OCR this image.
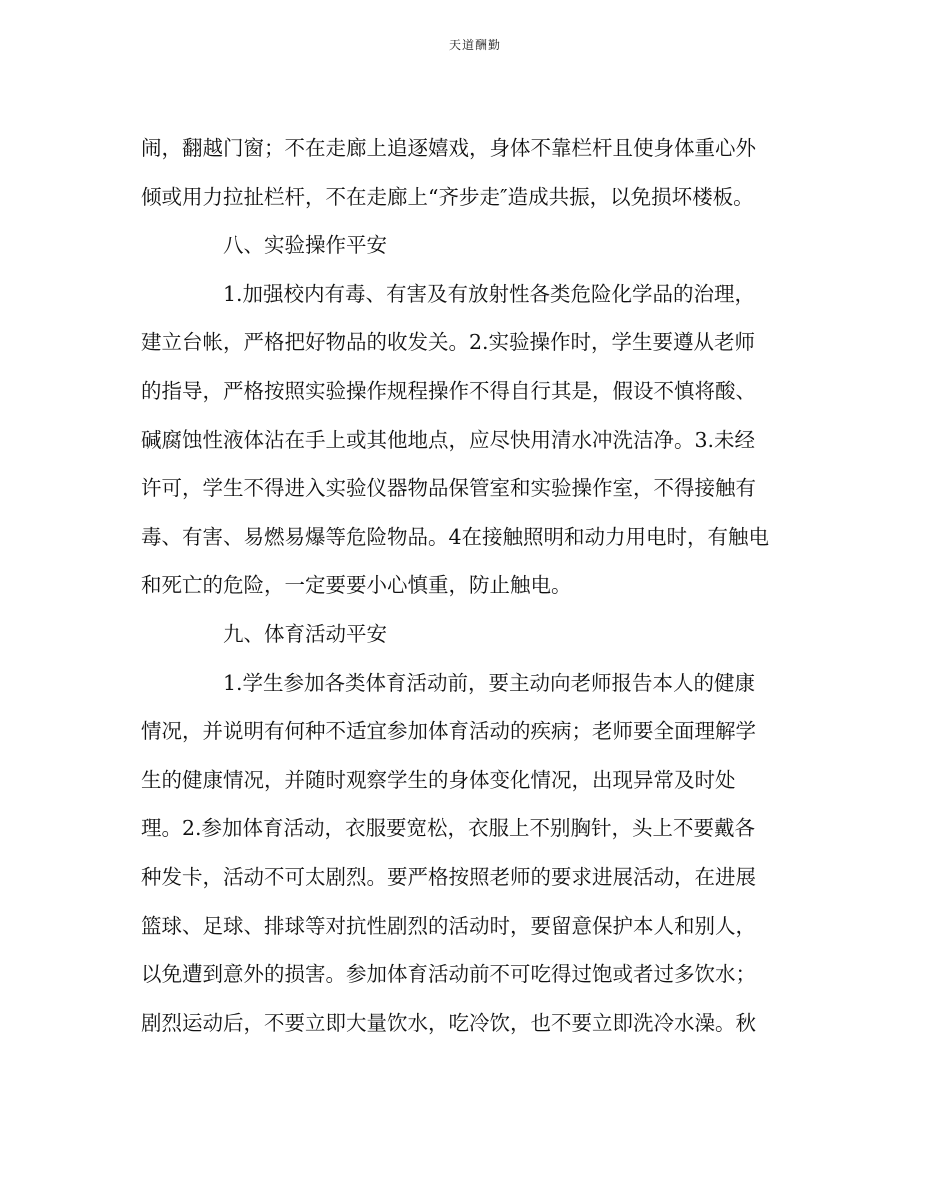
天道酬勤
闹，翻越门窗；不在走廊上追逐嬉戏，身体不靠栏杆且使身体重心外
倾或用力拉扯栏杆，不在走廊上“齐步走″造成共振，以免损坏楼板。
八、实验操作平安
1.加强校内有毒、有害及有放射性各类危险化学品的治理，
建立台帐，严格把好物品的收发关。2.实验操作时，学生要遵从老师
的指导，严格按照实验操作规程操作不得自行其是，假设不慎将酸、
碱腐蚀性液体沾在手上或其他地点，应尽快用清水冲洗洁净。3.未经
许可，学生不得进入实验仪器物品保管室和实验操作室，不得接触有
毒、有害、易燃易爆等危险物品。4在接触照明和动力用电时，有触电
和死亡的危险，一定要要小心慎重，防止触电。
九、体育活动平安
1.学生参加各类体育活动前，要主动向老师报告本人的健康
情况，并说明有何种不适宜参加体育活动的疾病；老师要全面理解学
生的健康情况，并随时观察学生的身体变化情况，出现异常及时处
理。2.参加体育活动，衣服要宽松，衣服上不别胸针，头上不要戴各
种发卡，活动不可太剧烈。要严格按照老师的要求进展活动，在进展
篮球、足球、排球等对抗性剧烈的活动时，要留意保护本人和别人，
以免遭到意外的损害。参加体育活动前不可吃得过饱或者过多饮水；
剧烈运动后，不要立即大量饮水，吃冷饮，也不要立即洗冷水澡。秋
